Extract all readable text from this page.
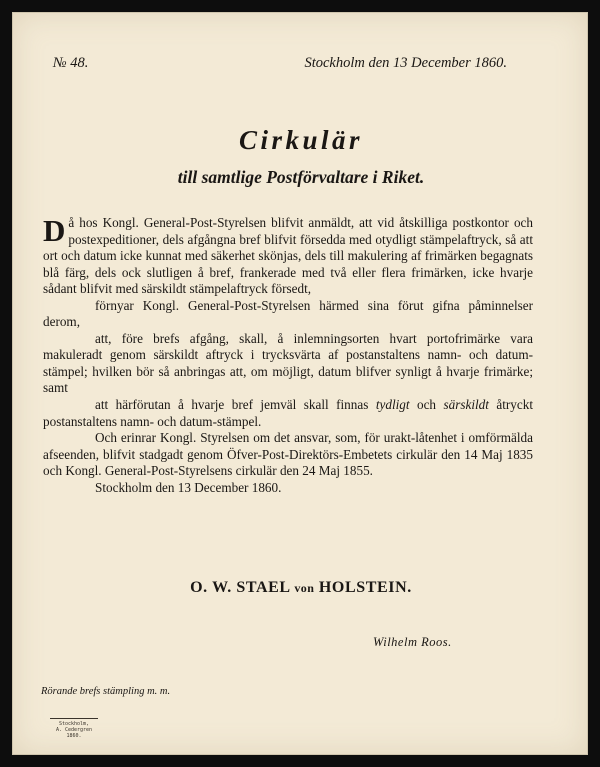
№ 48.	Stockholm den 13 December 1860.
Cirkulär
till samtlige Postförvaltare i Riket.

Då hos Kongl. General-Post-Styrelsen blifvit anmäldt, att vid åtskilliga postkontor och postexpeditioner, dels afgångna bref blifvit försedda med otydligt stämpelaftryck, så att ort och datum icke kunnat med säkerhet skönjas, dels till makulering af frimärken begagnats blå färg, dels ock slutligen å bref, frankerade med två eller flera frimärken, icke hvarje sådant blifvit med särskildt stämpelaftryck försedt,

förnyar Kongl. General-Post-Styrelsen härmed sina förut gifna påminnelser derom,

att, före brefs afgång, skall, å inlemningsorten hvart portofrimärke vara makuleradt genom särskildt aftryck i trycksvärta af postanstaltens namn- och datum-stämpel; hvilken bör så anbringas att, om möjligt, datum blifver synligt å hvarje frimärke; samt

att härförutan å hvarje bref jemväl skall finnas tydligt och särskildt åtryckt postanstaltens namn- och datum-stämpel.

Och erinrar Kongl. Styrelsen om det ansvar, som, för urakt-låtenhet i omförmälda afseenden, blifvit stadgadt genom Öfver-Post-Direktörs-Embetets cirkulär den 14 Maj 1835 och Kongl. General-Post-Styrelsens cirkulär den 24 Maj 1855.

Stockholm den 13 December 1860.

O. W. STAEL von HOLSTEIN.
Wilhelm Roos.
Rörande brefs stämpling m. m.
Stockholm,
A. Cedergren
1860.
